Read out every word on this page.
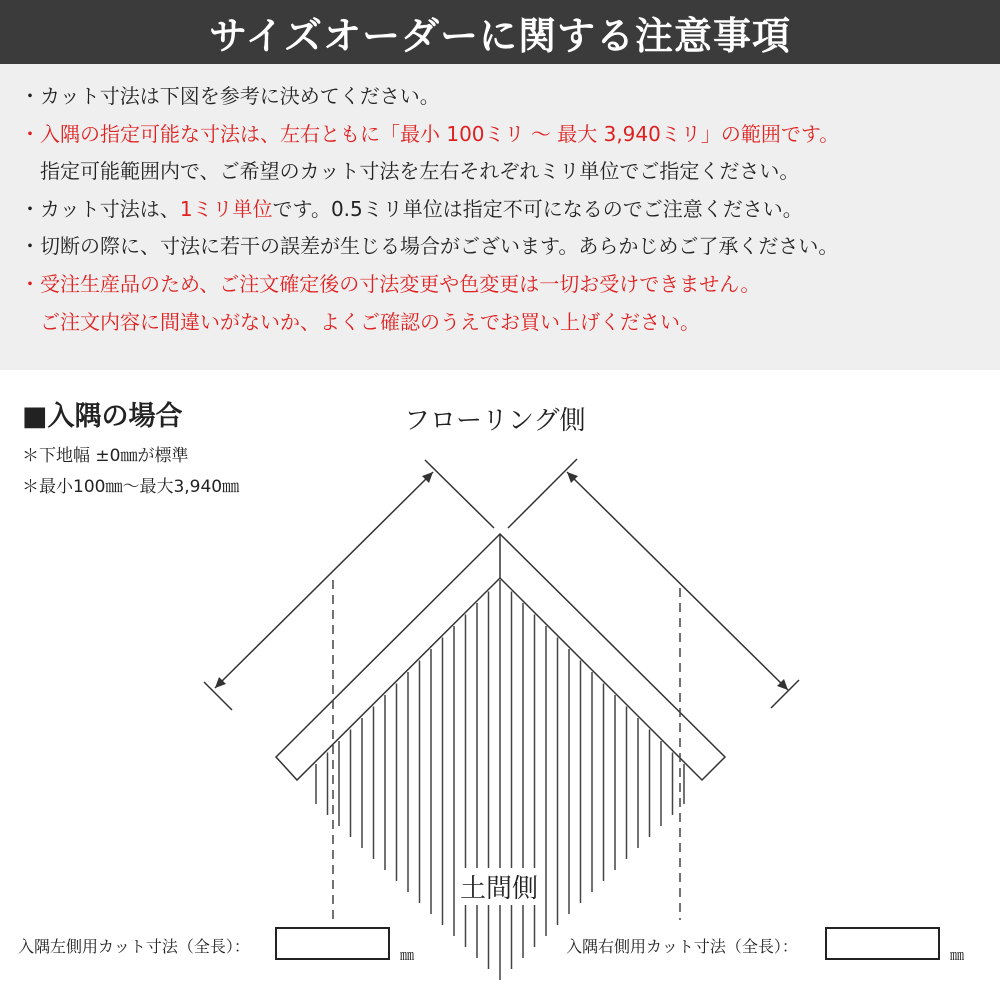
サイズオーダーに関する注意事項
・カット寸法は下図を参考に決めてください。
・入隅の指定可能な寸法は、左右ともに「最小 100ミリ 〜 最大 3,940ミリ」の範囲です。
指定可能範囲内で、ご希望のカット寸法を左右それぞれミリ単位でご指定ください。
・カット寸法は、1ミリ単位です。0.5ミリ単位は指定不可になるのでご注意ください。
・切断の際に、寸法に若干の誤差が生じる場合がございます。あらかじめご了承ください。
・受注生産品のため、ご注文確定後の寸法変更や色変更は一切お受けできません。
ご注文内容に間違いがないか、よくご確認のうえでお買い上げください。
■入隅の場合
＊下地幅 ±0㎜が標準
＊最小100㎜〜最大3,940㎜
フローリング側
土間側
入隅左側用カット寸法（全長）：	㎜	入隅右側用カット寸法（全長）：	㎜
